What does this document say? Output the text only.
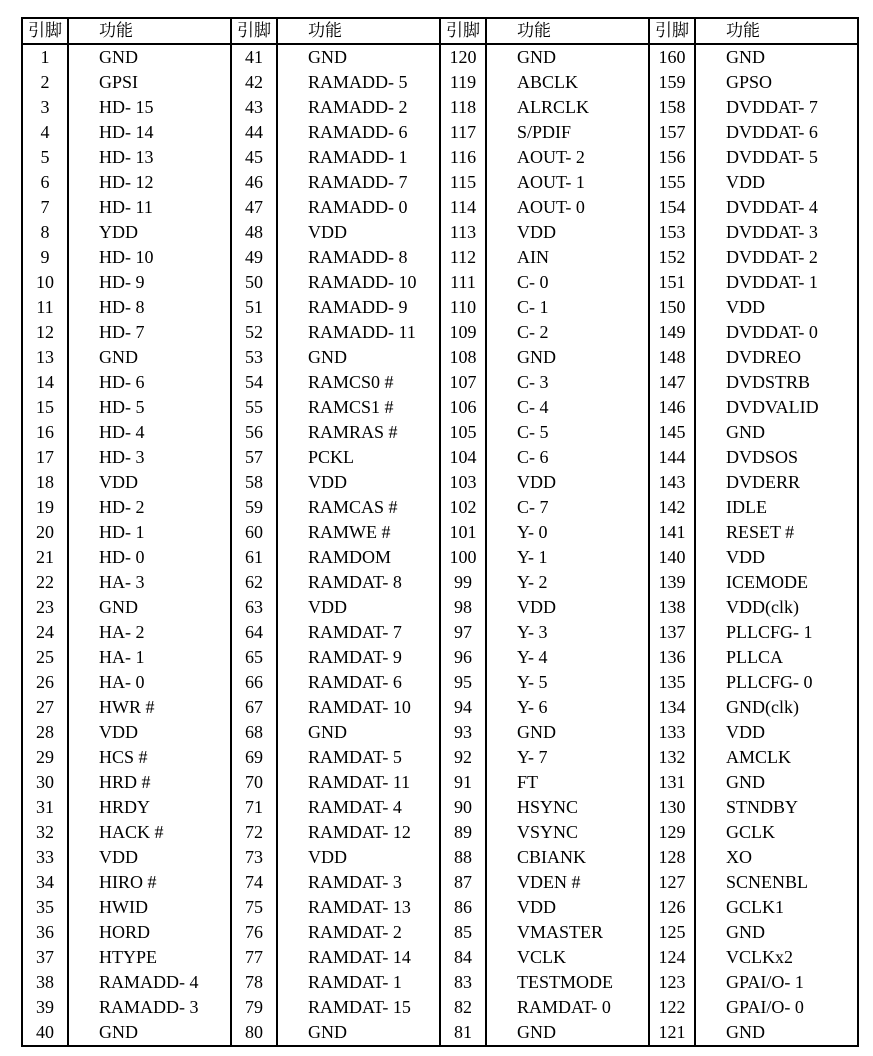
引脚	功能	引脚	功能	引脚	功能	引脚	功能
1	GND	41	GND	120	GND	160	GND
2	GPSI	42	RAMADD- 5	119	ABCLK	159	GPSO
3	HD- 15	43	RAMADD- 2	118	ALRCLK	158	DVDDAT- 7
4	HD- 14	44	RAMADD- 6	117	S/PDIF	157	DVDDAT- 6
5	HD- 13	45	RAMADD- 1	116	AOUT- 2	156	DVDDAT- 5
6	HD- 12	46	RAMADD- 7	115	AOUT- 1	155	VDD
7	HD- 11	47	RAMADD- 0	114	AOUT- 0	154	DVDDAT- 4
8	YDD	48	VDD	113	VDD	153	DVDDAT- 3
9	HD- 10	49	RAMADD- 8	112	AIN	152	DVDDAT- 2
10	HD- 9	50	RAMADD- 10	111	C- 0	151	DVDDAT- 1
11	HD- 8	51	RAMADD- 9	110	C- 1	150	VDD
12	HD- 7	52	RAMADD- 11	109	C- 2	149	DVDDAT- 0
13	GND	53	GND	108	GND	148	DVDREO
14	HD- 6	54	RAMCS0 #	107	C- 3	147	DVDSTRB
15	HD- 5	55	RAMCS1 #	106	C- 4	146	DVDVALID
16	HD- 4	56	RAMRAS #	105	C- 5	145	GND
17	HD- 3	57	PCKL	104	C- 6	144	DVDSOS
18	VDD	58	VDD	103	VDD	143	DVDERR
19	HD- 2	59	RAMCAS #	102	C- 7	142	IDLE
20	HD- 1	60	RAMWE #	101	Y- 0	141	RESET #
21	HD- 0	61	RAMDOM	100	Y- 1	140	VDD
22	HA- 3	62	RAMDAT- 8	99	Y- 2	139	ICEMODE
23	GND	63	VDD	98	VDD	138	VDD(clk)
24	HA- 2	64	RAMDAT- 7	97	Y- 3	137	PLLCFG- 1
25	HA- 1	65	RAMDAT- 9	96	Y- 4	136	PLLCA
26	HA- 0	66	RAMDAT- 6	95	Y- 5	135	PLLCFG- 0
27	HWR #	67	RAMDAT- 10	94	Y- 6	134	GND(clk)
28	VDD	68	GND	93	GND	133	VDD
29	HCS #	69	RAMDAT- 5	92	Y- 7	132	AMCLK
30	HRD #	70	RAMDAT- 11	91	FT	131	GND
31	HRDY	71	RAMDAT- 4	90	HSYNC	130	STNDBY
32	HACK #	72	RAMDAT- 12	89	VSYNC	129	GCLK
33	VDD	73	VDD	88	CBIANK	128	XO
34	HIRO #	74	RAMDAT- 3	87	VDEN #	127	SCNENBL
35	HWID	75	RAMDAT- 13	86	VDD	126	GCLK1
36	HORD	76	RAMDAT- 2	85	VMASTER	125	GND
37	HTYPE	77	RAMDAT- 14	84	VCLK	124	VCLKx2
38	RAMADD- 4	78	RAMDAT- 1	83	TESTMODE	123	GPAI/O- 1
39	RAMADD- 3	79	RAMDAT- 15	82	RAMDAT- 0	122	GPAI/O- 0
40	GND	80	GND	81	GND	121	GND
